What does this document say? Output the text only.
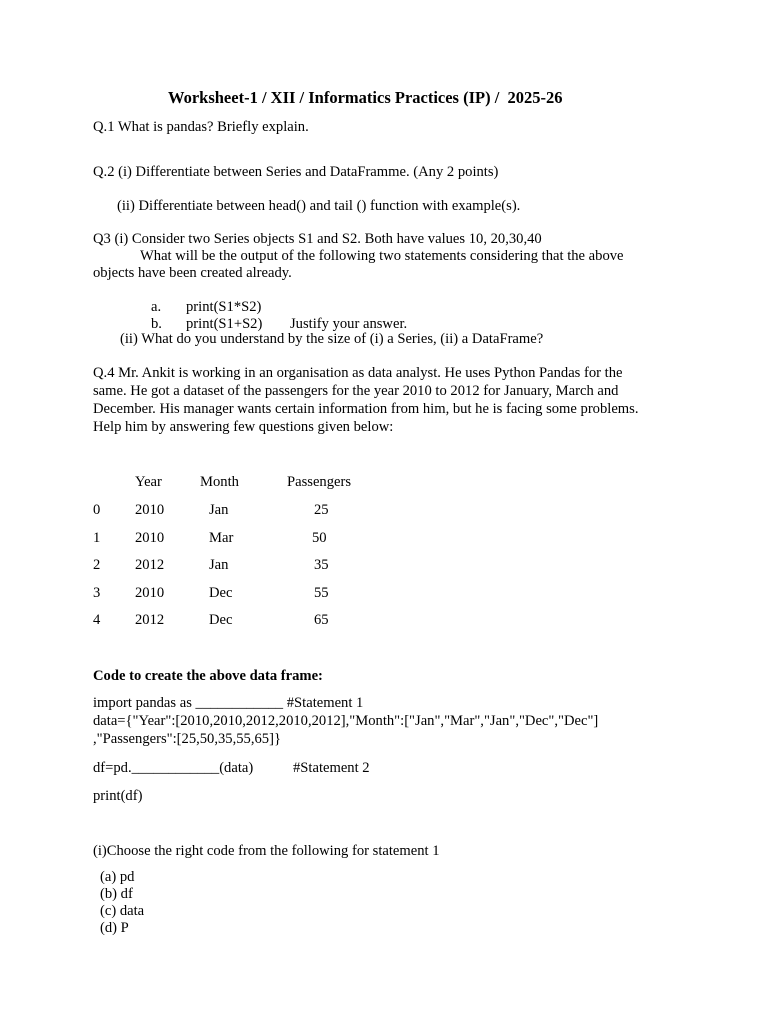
Worksheet-1 / XII / Informatics Practices (IP) /  2025-26
Q.1 What is pandas? Briefly explain.
Q.2 (i) Differentiate between Series and DataFramme. (Any 2 points)
(ii) Differentiate between head() and tail () function with example(s).
Q3 (i) Consider two Series objects S1 and S2. Both have values 10, 20,30,40
What will be the output of the following two statements considering that the above
objects have been created already.
a. print(S1*S2)
b. print(S1+S2) Justify your answer.
(ii) What do you understand by the size of (i) a Series, (ii) a DataFrame?
Q.4 Mr. Ankit is working in an organisation as data analyst. He uses Python Pandas for the
same. He got a dataset of the passengers for the year 2010 to 2012 for January, March and
December. His manager wants certain information from him, but he is facing some problems.
Help him by answering few questions given below:
Year	Month	Passengers
0 2010	Jan	25
1 2010	Mar	50
2 2012	Jan	35
3 2010	Dec	55
4 2012	Dec	65
Code to create the above data frame:
import pandas as ____________ #Statement 1
data={"Year":[2010,2010,2012,2010,2012],"Month":["Jan","Mar","Jan","Dec","Dec"]
,"Passengers":[25,50,35,55,65]}
df=pd.____________(data)	#Statement 2
print(df)
(i)Choose the right code from the following for statement 1
(a) pd
(b) df
(c) data
(d) P
